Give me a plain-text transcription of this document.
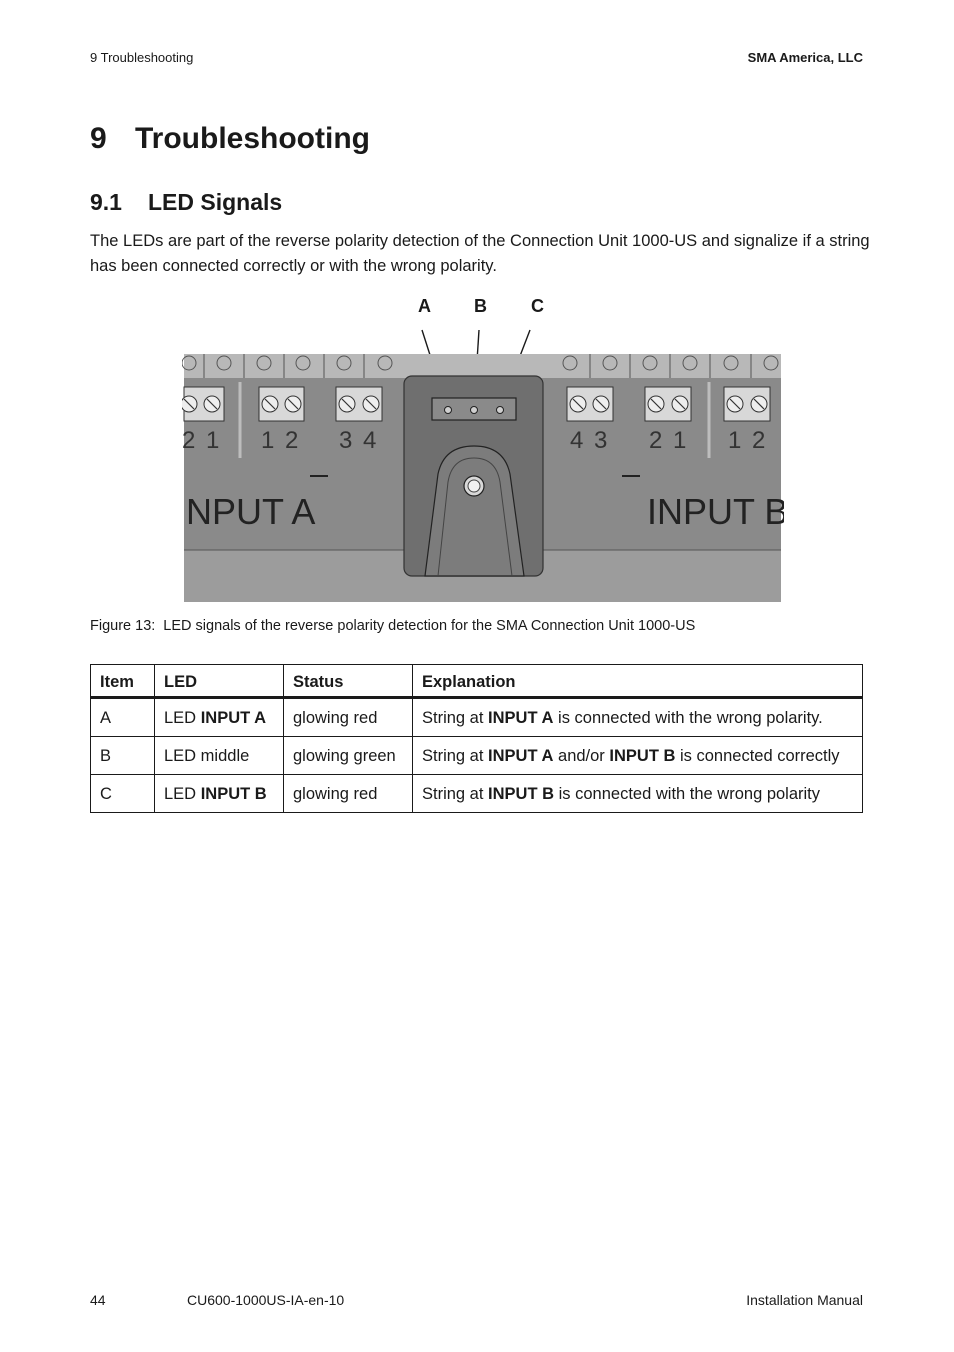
9 Troubleshooting	SMA America, LLC
9 Troubleshooting
9.1 LED Signals

The LEDs are part of the reverse polarity detection of the Connection Unit 1000-US and signalize if a string has been connected correctly or with the wrong polarity.

A B C
2 1 1 2 3 4	4 3 2 1 1 2
NPUT A	INPUT B
Figure 13: LED signals of the reverse polarity detection for the SMA Connection Unit 1000-US
Item	LED	Status	Explanation
A	LED INPUT A	glowing red	String at INPUT A is connected with the wrong polarity.
B	LED middle	glowing green	String at INPUT A and/or INPUT B is connected correctly
C	LED INPUT B	glowing red	String at INPUT B is connected with the wrong polarity
44	CU600-1000US-IA-en-10	Installation Manual
